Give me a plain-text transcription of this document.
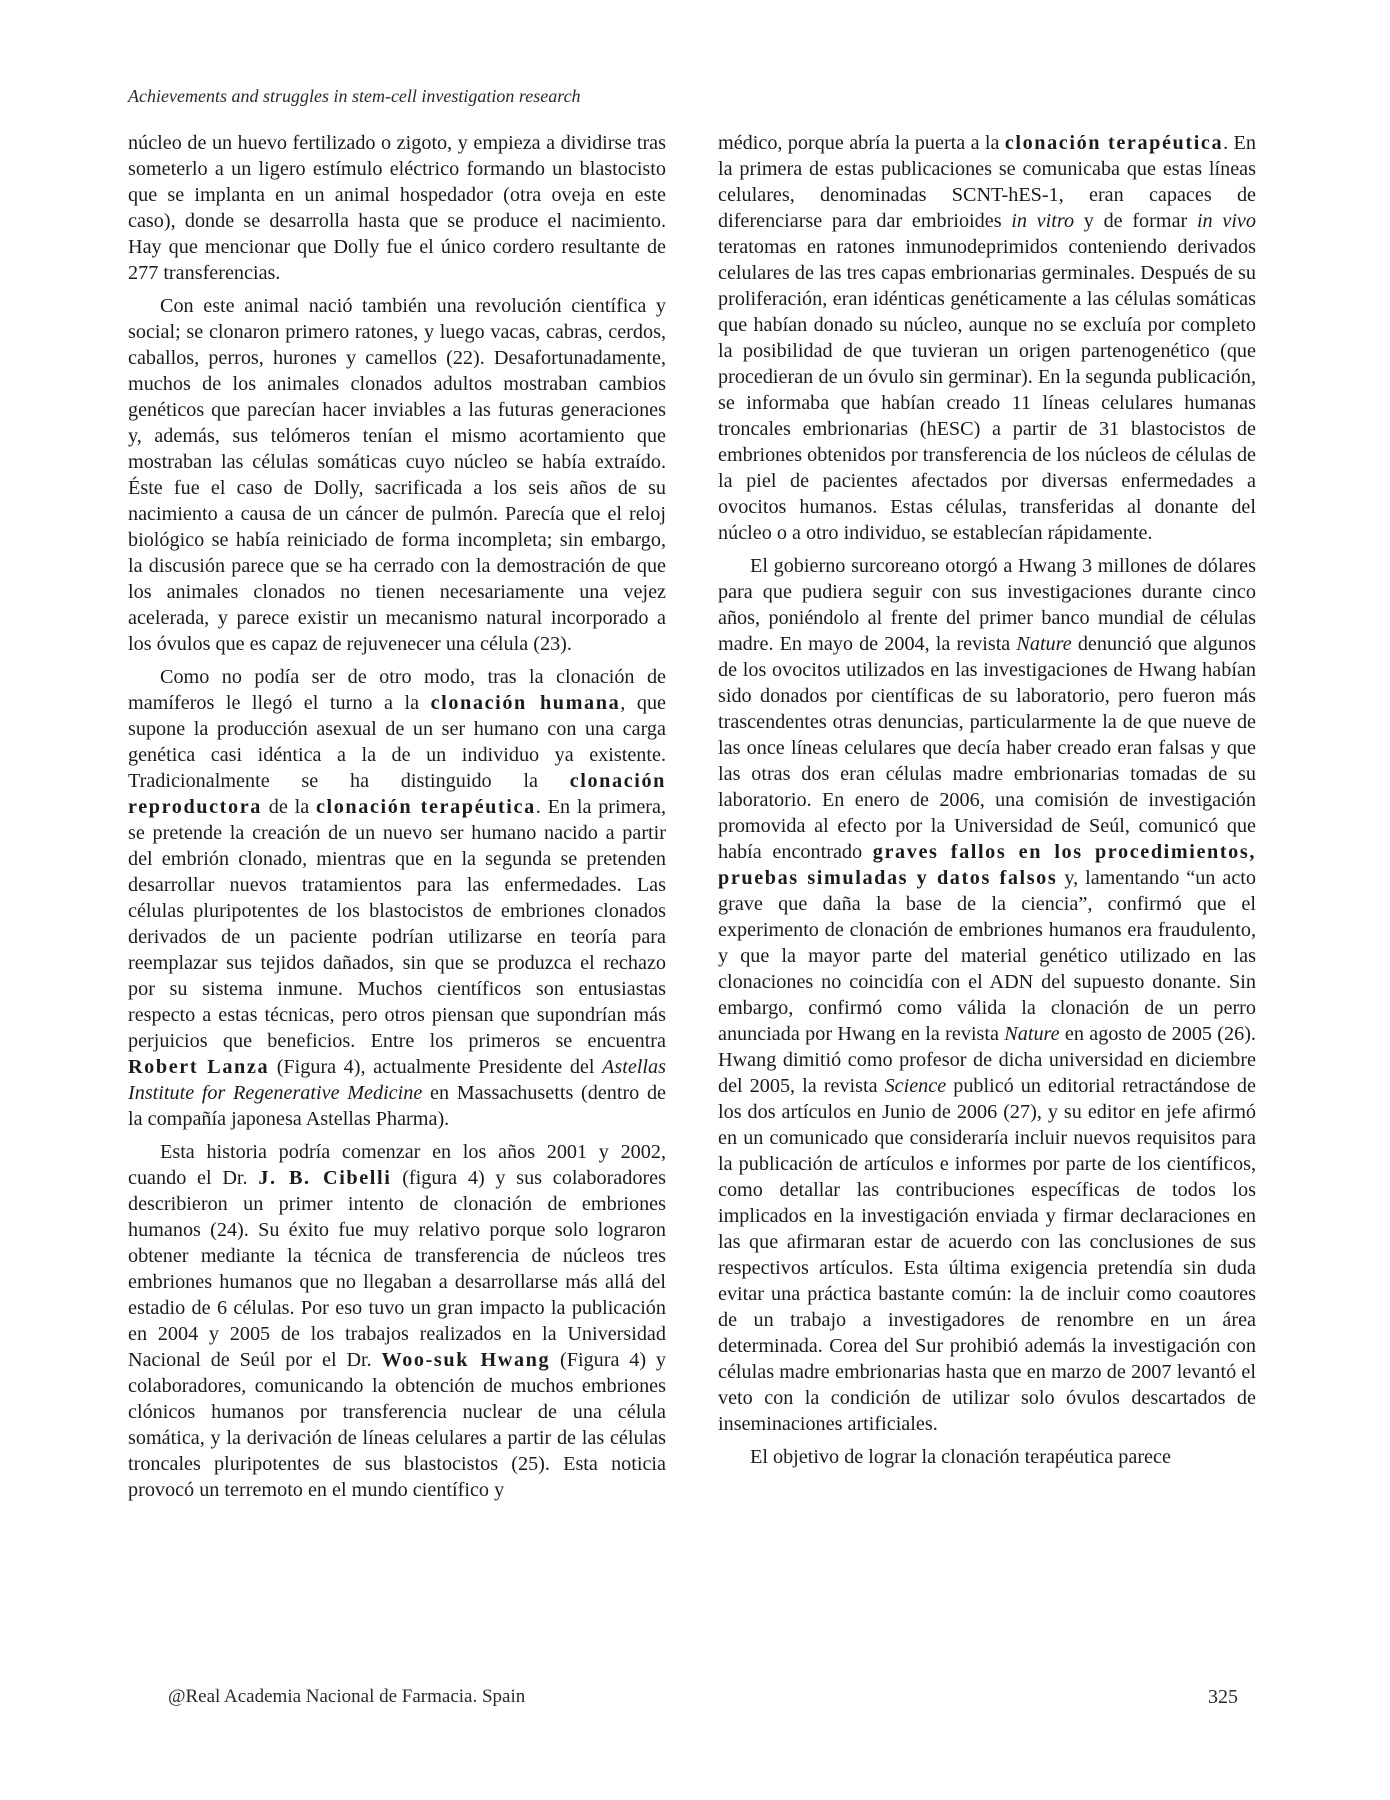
Achievements and struggles in stem-cell investigation research

núcleo de un huevo fertilizado o zigoto, y empieza a dividirse tras someterlo a un ligero estímulo eléctrico formando un blastocisto que se implanta en un animal hospedador (otra oveja en este caso), donde se desarrolla hasta que se produce el nacimiento. Hay que mencionar que Dolly fue el único cordero resultante de 277 transferencias.

Con este animal nació también una revolución científica y social; se clonaron primero ratones, y luego vacas, cabras, cerdos, caballos, perros, hurones y camellos (22). Desafortunadamente, muchos de los animales clonados adultos mostraban cambios genéticos que parecían hacer inviables a las futuras generaciones y, además, sus telómeros tenían el mismo acortamiento que mostraban las células somáticas cuyo núcleo se había extraído. Éste fue el caso de Dolly, sacrificada a los seis años de su nacimiento a causa de un cáncer de pulmón. Parecía que el reloj biológico se había reiniciado de forma incompleta; sin embargo, la discusión parece que se ha cerrado con la demostración de que los animales clonados no tienen necesariamente una vejez acelerada, y parece existir un mecanismo natural incorporado a los óvulos que es capaz de rejuvenecer una célula (23).

Como no podía ser de otro modo, tras la clonación de mamíferos le llegó el turno a la clonación humana, que supone la producción asexual de un ser humano con una carga genética casi idéntica a la de un individuo ya existente. Tradicionalmente se ha distinguido la clonación reproductora de la clonación terapéutica. En la primera, se pretende la creación de un nuevo ser humano nacido a partir del embrión clonado, mientras que en la segunda se pretenden desarrollar nuevos tratamientos para las enfermedades. Las células pluripotentes de los blastocistos de embriones clonados derivados de un paciente podrían utilizarse en teoría para reemplazar sus tejidos dañados, sin que se produzca el rechazo por su sistema inmune. Muchos científicos son entusiastas respecto a estas técnicas, pero otros piensan que supondrían más perjuicios que beneficios. Entre los primeros se encuentra Robert Lanza (Figura 4), actualmente Presidente del Astellas Institute for Regenerative Medicine en Massachusetts (dentro de la compañía japonesa Astellas Pharma).

Esta historia podría comenzar en los años 2001 y 2002, cuando el Dr. J. B. Cibelli (figura 4) y sus colaboradores describieron un primer intento de clonación de embriones humanos (24). Su éxito fue muy relativo porque solo lograron obtener mediante la técnica de transferencia de núcleos tres embriones humanos que no llegaban a desarrollarse más allá del estadio de 6 células. Por eso tuvo un gran impacto la publicación en 2004 y 2005 de los trabajos realizados en la Universidad Nacional de Seúl por el Dr. Woo-suk Hwang (Figura 4) y colaboradores, comunicando la obtención de muchos embriones clónicos humanos por transferencia nuclear de una célula somática, y la derivación de líneas celulares a partir de las células troncales pluripotentes de sus blastocistos (25). Esta noticia provocó un terremoto en el mundo científico y

médico, porque abría la puerta a la clonación terapéutica. En la primera de estas publicaciones se comunicaba que estas líneas celulares, denominadas SCNT-hES-1, eran capaces de diferenciarse para dar embrioides in vitro y de formar in vivo teratomas en ratones inmunodeprimidos conteniendo derivados celulares de las tres capas embrionarias germinales. Después de su proliferación, eran idénticas genéticamente a las células somáticas que habían donado su núcleo, aunque no se excluía por completo la posibilidad de que tuvieran un origen partenogenético (que procedieran de un óvulo sin germinar). En la segunda publicación, se informaba que habían creado 11 líneas celulares humanas troncales embrionarias (hESC) a partir de 31 blastocistos de embriones obtenidos por transferencia de los núcleos de células de la piel de pacientes afectados por diversas enfermedades a ovocitos humanos. Estas células, transferidas al donante del núcleo o a otro individuo, se establecían rápidamente.

El gobierno surcoreano otorgó a Hwang 3 millones de dólares para que pudiera seguir con sus investigaciones durante cinco años, poniéndolo al frente del primer banco mundial de células madre. En mayo de 2004, la revista Nature denunció que algunos de los ovocitos utilizados en las investigaciones de Hwang habían sido donados por científicas de su laboratorio, pero fueron más trascendentes otras denuncias, particularmente la de que nueve de las once líneas celulares que decía haber creado eran falsas y que las otras dos eran células madre embrionarias tomadas de su laboratorio. En enero de 2006, una comisión de investigación promovida al efecto por la Universidad de Seúl, comunicó que había encontrado graves fallos en los procedimientos, pruebas simuladas y datos falsos y, lamentando “un acto grave que daña la base de la ciencia”, confirmó que el experimento de clonación de embriones humanos era fraudulento, y que la mayor parte del material genético utilizado en las clonaciones no coincidía con el ADN del supuesto donante. Sin embargo, confirmó como válida la clonación de un perro anunciada por Hwang en la revista Nature en agosto de 2005 (26). Hwang dimitió como profesor de dicha universidad en diciembre del 2005, la revista Science publicó un editorial retractándose de los dos artículos en Junio de 2006 (27), y su editor en jefe afirmó en un comunicado que consideraría incluir nuevos requisitos para la publicación de artículos e informes por parte de los científicos, como detallar las contribuciones específicas de todos los implicados en la investigación enviada y firmar declaraciones en las que afirmaran estar de acuerdo con las conclusiones de sus respectivos artículos. Esta última exigencia pretendía sin duda evitar una práctica bastante común: la de incluir como coautores de un trabajo a investigadores de renombre en un área determinada. Corea del Sur prohibió además la investigación con células madre embrionarias hasta que en marzo de 2007 levantó el veto con la condición de utilizar solo óvulos descartados de inseminaciones artificiales.

El objetivo de lograr la clonación terapéutica parece

@Real Academia Nacional de Farmacia. Spain	325
